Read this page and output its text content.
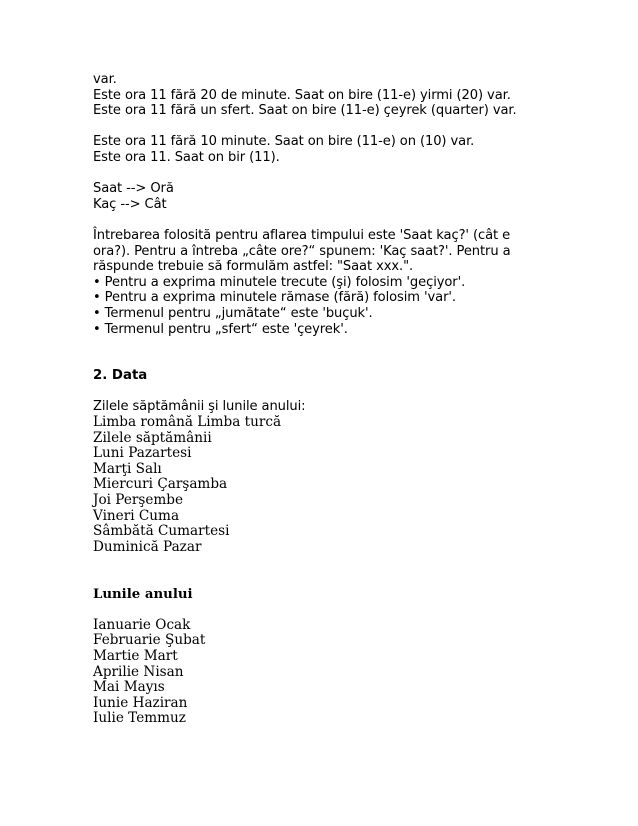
var.
Este ora 11 fără 20 de minute. Saat on bire (11-e) yirmi (20) var.
Este ora 11 fără un sfert. Saat on bire (11-e) çeyrek (quarter) var.
Este ora 11 fără 10 minute. Saat on bire (11-e) on (10) var.
Este ora 11. Saat on bir (11).
Saat --> Oră
Kaç --> Cât
Întrebarea folosită pentru aflarea timpului este 'Saat kaç?' (cât e
ora?). Pentru a întreba „câte ore?“ spunem: 'Kaç saat?'. Pentru a
răspunde trebuie să formulăm astfel: "Saat xxx.".
• Pentru a exprima minutele trecute (şi) folosim 'geçiyor'.
• Pentru a exprima minutele rămase (fără) folosim 'var'.
• Termenul pentru „jumătate“ este 'buçuk'.
• Termenul pentru „sfert“ este 'çeyrek'.
2. Data
Zilele săptămânii şi lunile anului:
Limba română Limba turcă
Zilele săptămânii
Luni Pazartesi
Marţi Salı
Miercuri Çarşamba
Joi Perşembe
Vineri Cuma
Sâmbătă Cumartesi
Duminică Pazar
Lunile anului
Ianuarie Ocak
Februarie Şubat
Martie Mart
Aprilie Nisan
Mai Mayıs
Iunie Haziran
Iulie Temmuz
